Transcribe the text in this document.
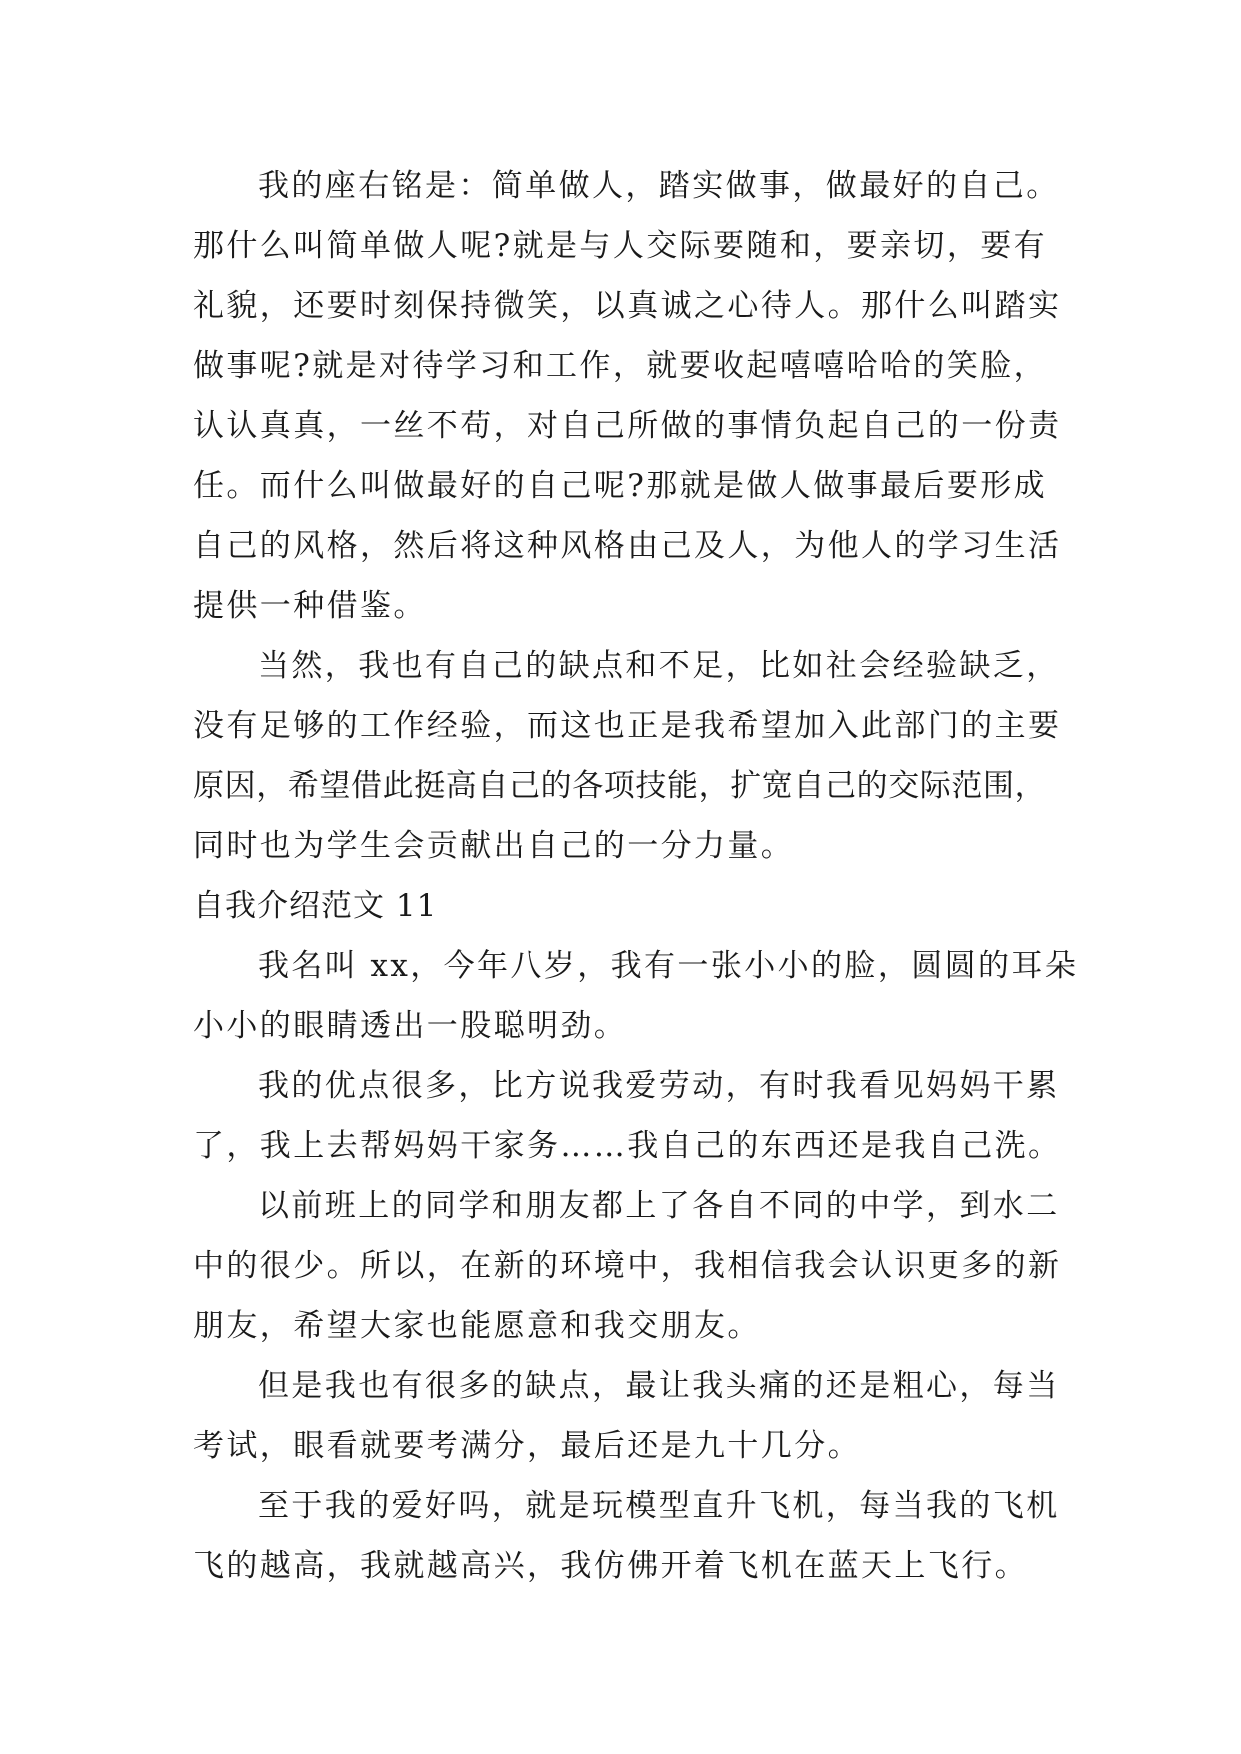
我的座右铭是：简单做人，踏实做事，做最好的自己。
那什么叫简单做人呢?就是与人交际要随和，要亲切，要有
礼貌，还要时刻保持微笑，以真诚之心待人。那什么叫踏实
做事呢?就是对待学习和工作，就要收起嘻嘻哈哈的笑脸，
认认真真，一丝不苟，对自己所做的事情负起自己的一份责
任。而什么叫做最好的自己呢?那就是做人做事最后要形成
自己的风格，然后将这种风格由己及人，为他人的学习生活
提供一种借鉴。
当然，我也有自己的缺点和不足，比如社会经验缺乏，
没有足够的工作经验，而这也正是我希望加入此部门的主要
原因，希望借此挺高自己的各项技能，扩宽自己的交际范围，
同时也为学生会贡献出自己的一分力量。
自我介绍范文 11
我名叫 xx，今年八岁，我有一张小小的脸，圆圆的耳朵
小小的眼睛透出一股聪明劲。
我的优点很多，比方说我爱劳动，有时我看见妈妈干累
了，我上去帮妈妈干家务……我自己的东西还是我自己洗。
以前班上的同学和朋友都上了各自不同的中学，到水二
中的很少。所以，在新的环境中，我相信我会认识更多的新
朋友，希望大家也能愿意和我交朋友。
但是我也有很多的缺点，最让我头痛的还是粗心，每当
考试，眼看就要考满分，最后还是九十几分。
至于我的爱好吗，就是玩模型直升飞机，每当我的飞机
飞的越高，我就越高兴，我仿佛开着飞机在蓝天上飞行。
